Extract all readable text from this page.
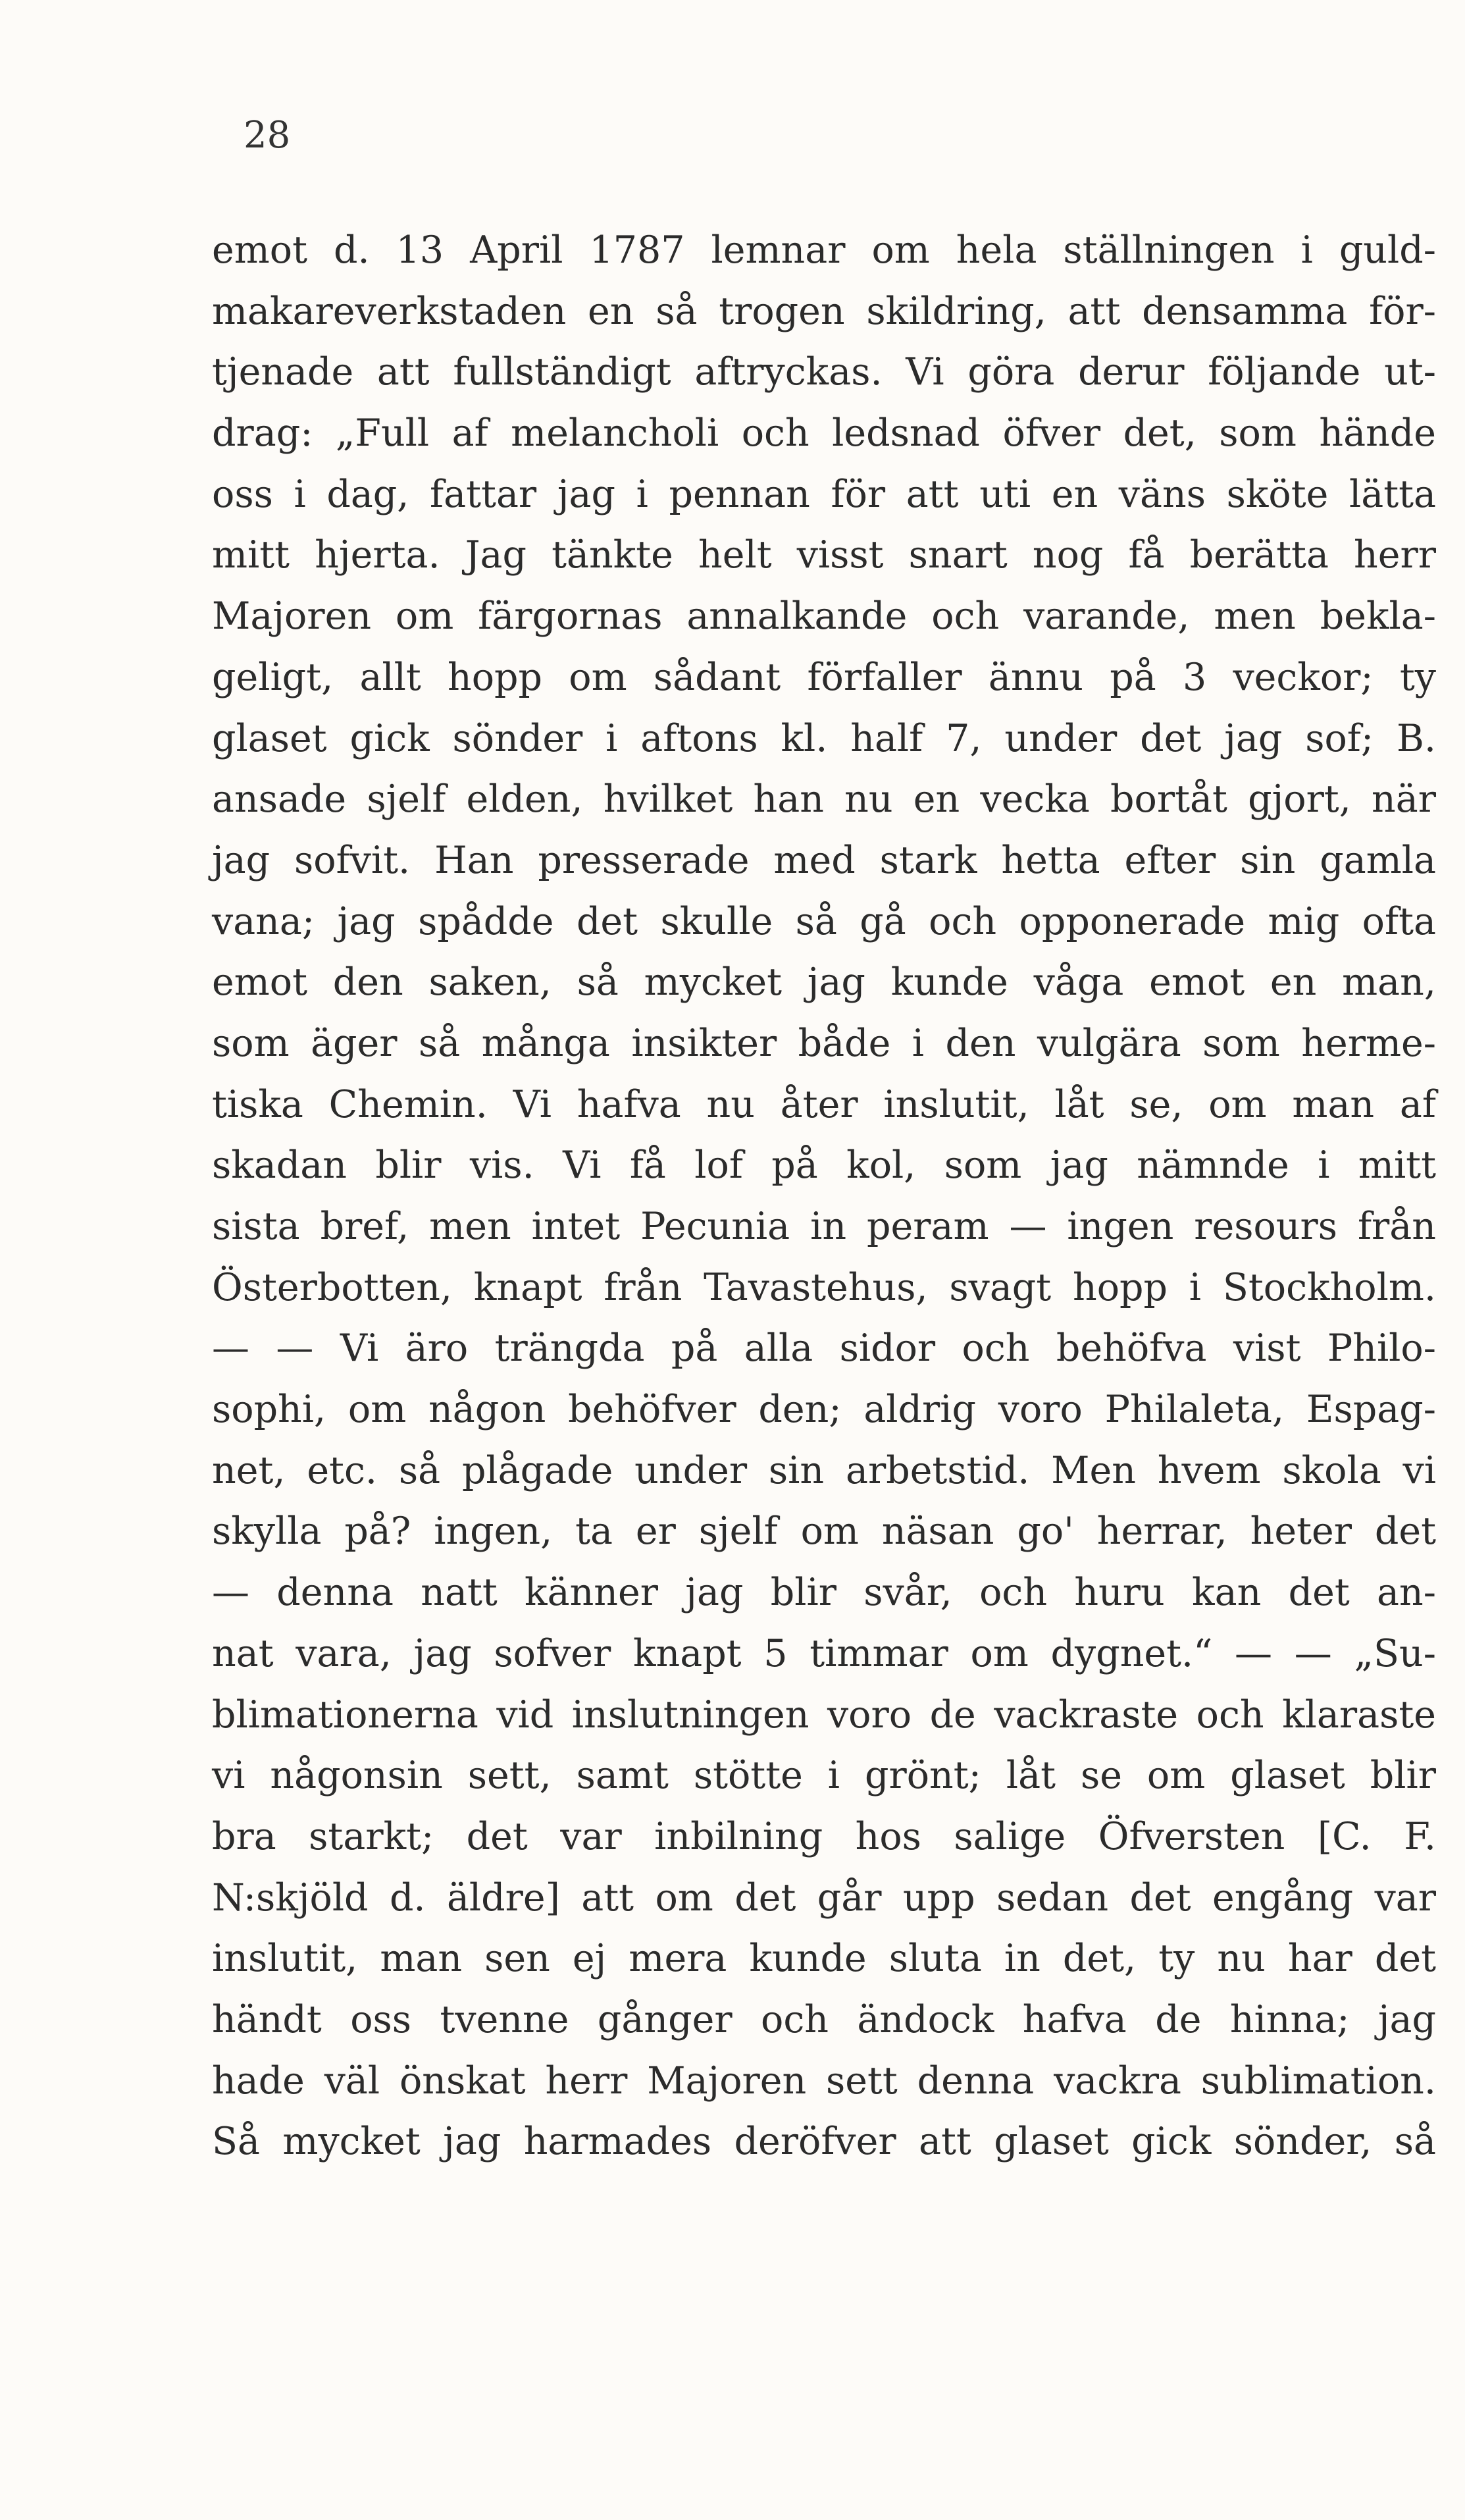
28
emot d. 13 April 1787 lemnar om hela ställningen i guld-
makareverkstaden en så trogen skildring, att densamma för-
tjenade att fullständigt aftryckas. Vi göra derur följande ut-
drag: „Full af melancholi och ledsnad öfver det, som hände
oss i dag, fattar jag i pennan för att uti en väns sköte lätta
mitt hjerta. Jag tänkte helt visst snart nog få berätta herr
Majoren om färgornas annalkande och varande, men bekla-
geligt, allt hopp om sådant förfaller ännu på 3 veckor; ty
glaset gick sönder i aftons kl. half 7, under det jag sof; B.
ansade sjelf elden, hvilket han nu en vecka bortåt gjort, när
jag sofvit. Han presserade med stark hetta efter sin gamla
vana; jag spådde det skulle så gå och opponerade mig ofta
emot den saken, så mycket jag kunde våga emot en man,
som äger så många insikter både i den vulgära som herme-
tiska Chemin. Vi hafva nu åter inslutit, låt se, om man af
skadan blir vis. Vi få lof på kol, som jag nämnde i mitt
sista bref, men intet Pecunia in peram — ingen resours från
Österbotten, knapt från Tavastehus, svagt hopp i Stockholm.
— — Vi äro trängda på alla sidor och behöfva vist Philo-
sophi, om någon behöfver den; aldrig voro Philaleta, Espag-
net, etc. så plågade under sin arbetstid. Men hvem skola vi
skylla på? ingen, ta er sjelf om näsan go' herrar, heter det
— denna natt känner jag blir svår, och huru kan det an-
nat vara, jag sofver knapt 5 timmar om dygnet.“ — — „Su-
blimationerna vid inslutningen voro de vackraste och klaraste
vi någonsin sett, samt stötte i grönt; låt se om glaset blir
bra starkt; det var inbilning hos salige Öfversten [C. F.
N:skjöld d. äldre] att om det går upp sedan det engång var
inslutit, man sen ej mera kunde sluta in det, ty nu har det
händt oss tvenne gånger och ändock hafva de hinna; jag
hade väl önskat herr Majoren sett denna vackra sublimation.
Så mycket jag harmades deröfver att glaset gick sönder, så
